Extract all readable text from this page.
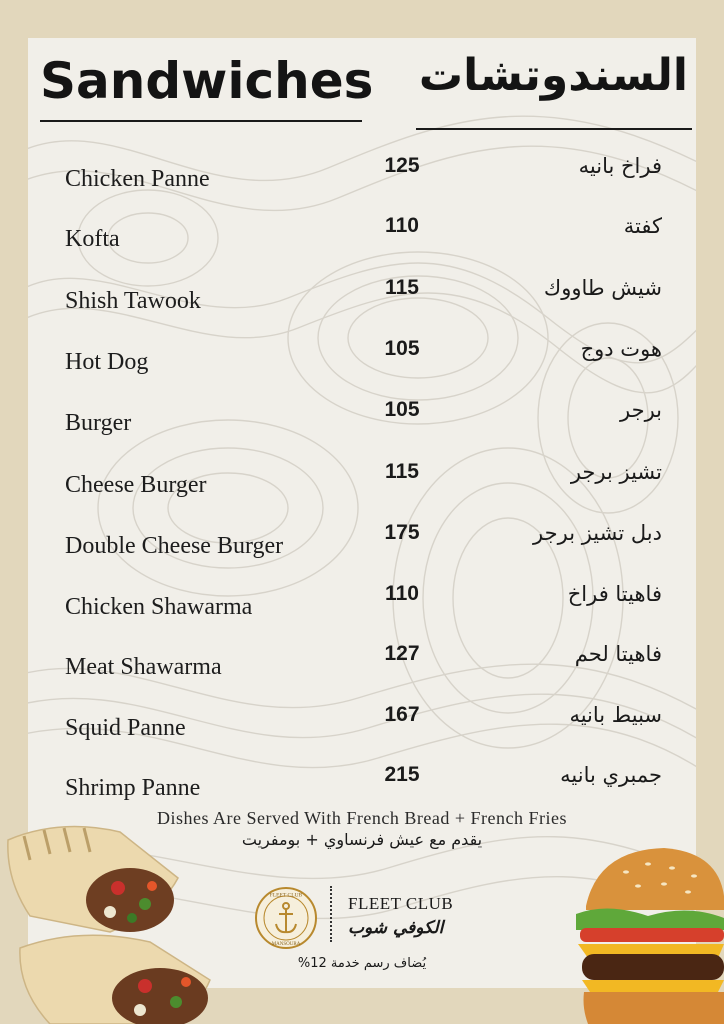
Sandwiches السندوتشات
Chicken Panne
125	فراخ بانيه
Kofta
110	كفتة
Shish Tawook
115	شيش طاووك
Hot Dog
105	هوت دوج
Burger
105	برجر
Cheese Burger
115	تشيز برجر
Double Cheese Burger
175	دبل تشيز برجر
Chicken Shawarma
110	فاهيتا فراخ
Meat Shawarma
127	فاهيتا لحم
Squid Panne
167	سبيط بانيه
Shrimp Panne
215	جمبري بانيه
Dishes Are Served With French Bread + French Fries
يقدم مع عيش فرنساوي + بومفريت
FLEET CLUB
MANSOURA
FLEET CLUB
الكوفي شوب
يُضاف رسم خدمة 12%
